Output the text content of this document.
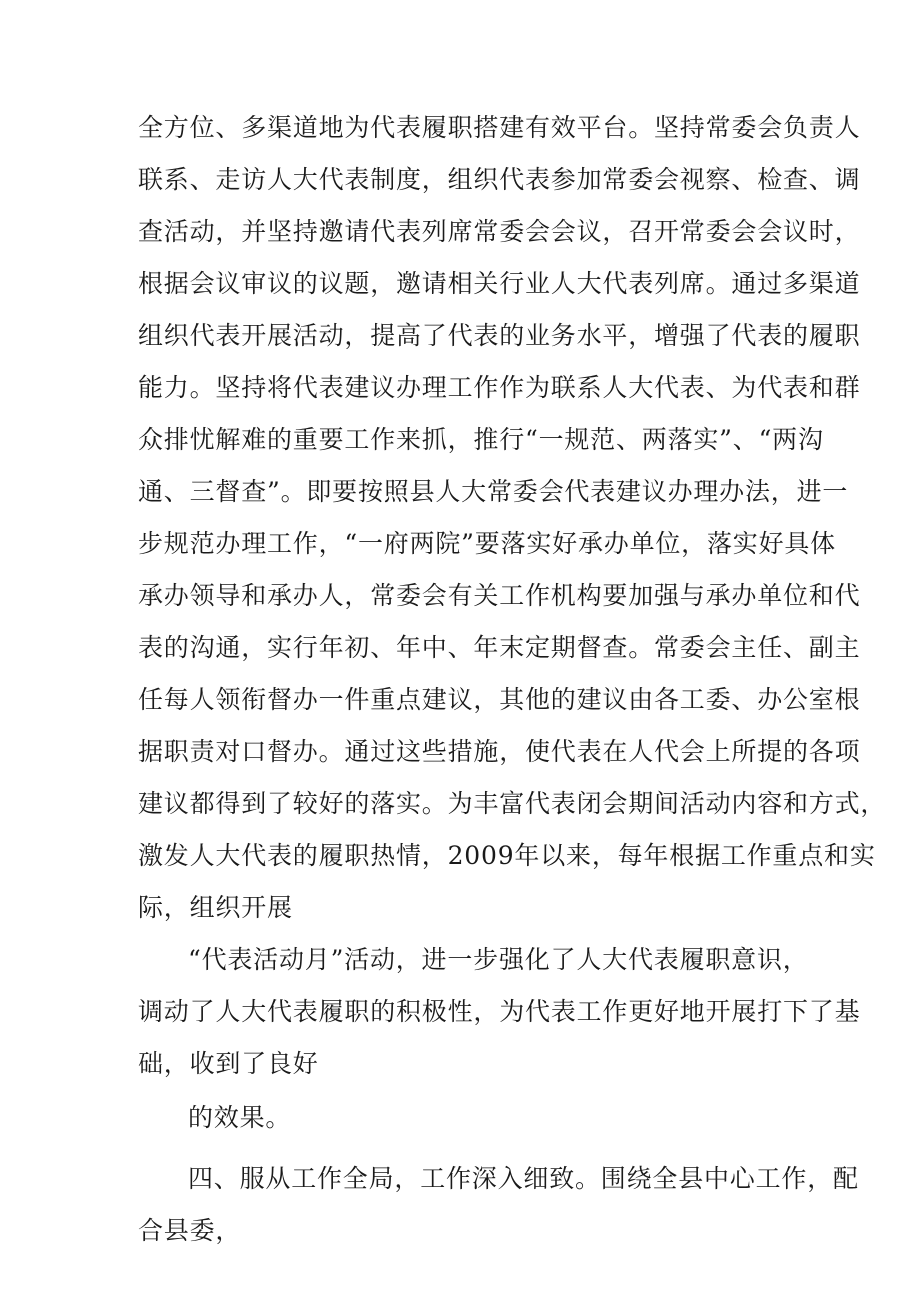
全方位、多渠道地为代表履职搭建有效平台。坚持常委会负责人
联系、走访人大代表制度，组织代表参加常委会视察、检查、调
查活动，并坚持邀请代表列席常委会会议，召开常委会会议时，
根据会议审议的议题，邀请相关行业人大代表列席。通过多渠道
组织代表开展活动，提高了代表的业务水平，增强了代表的履职
能力。坚持将代表建议办理工作作为联系人大代表、为代表和群
众排忧解难的重要工作来抓，推行“一规范、两落实”、“两沟
通、三督查”。即要按照县人大常委会代表建议办理办法，进一
步规范办理工作，“一府两院”要落实好承办单位，落实好具体
承办领导和承办人，常委会有关工作机构要加强与承办单位和代
表的沟通，实行年初、年中、年末定期督查。常委会主任、副主
任每人领衔督办一件重点建议，其他的建议由各工委、办公室根
据职责对口督办。通过这些措施，使代表在人代会上所提的各项
建议都得到了较好的落实。为丰富代表闭会期间活动内容和方式，
激发人大代表的履职热情，2009年以来，每年根据工作重点和实
际，组织开展
“代表活动月”活动，进一步强化了人大代表履职意识，
调动了人大代表履职的积极性，为代表工作更好地开展打下了基
础，收到了良好
的效果。
四、服从工作全局，工作深入细致。围绕全县中心工作，配
合县委，
